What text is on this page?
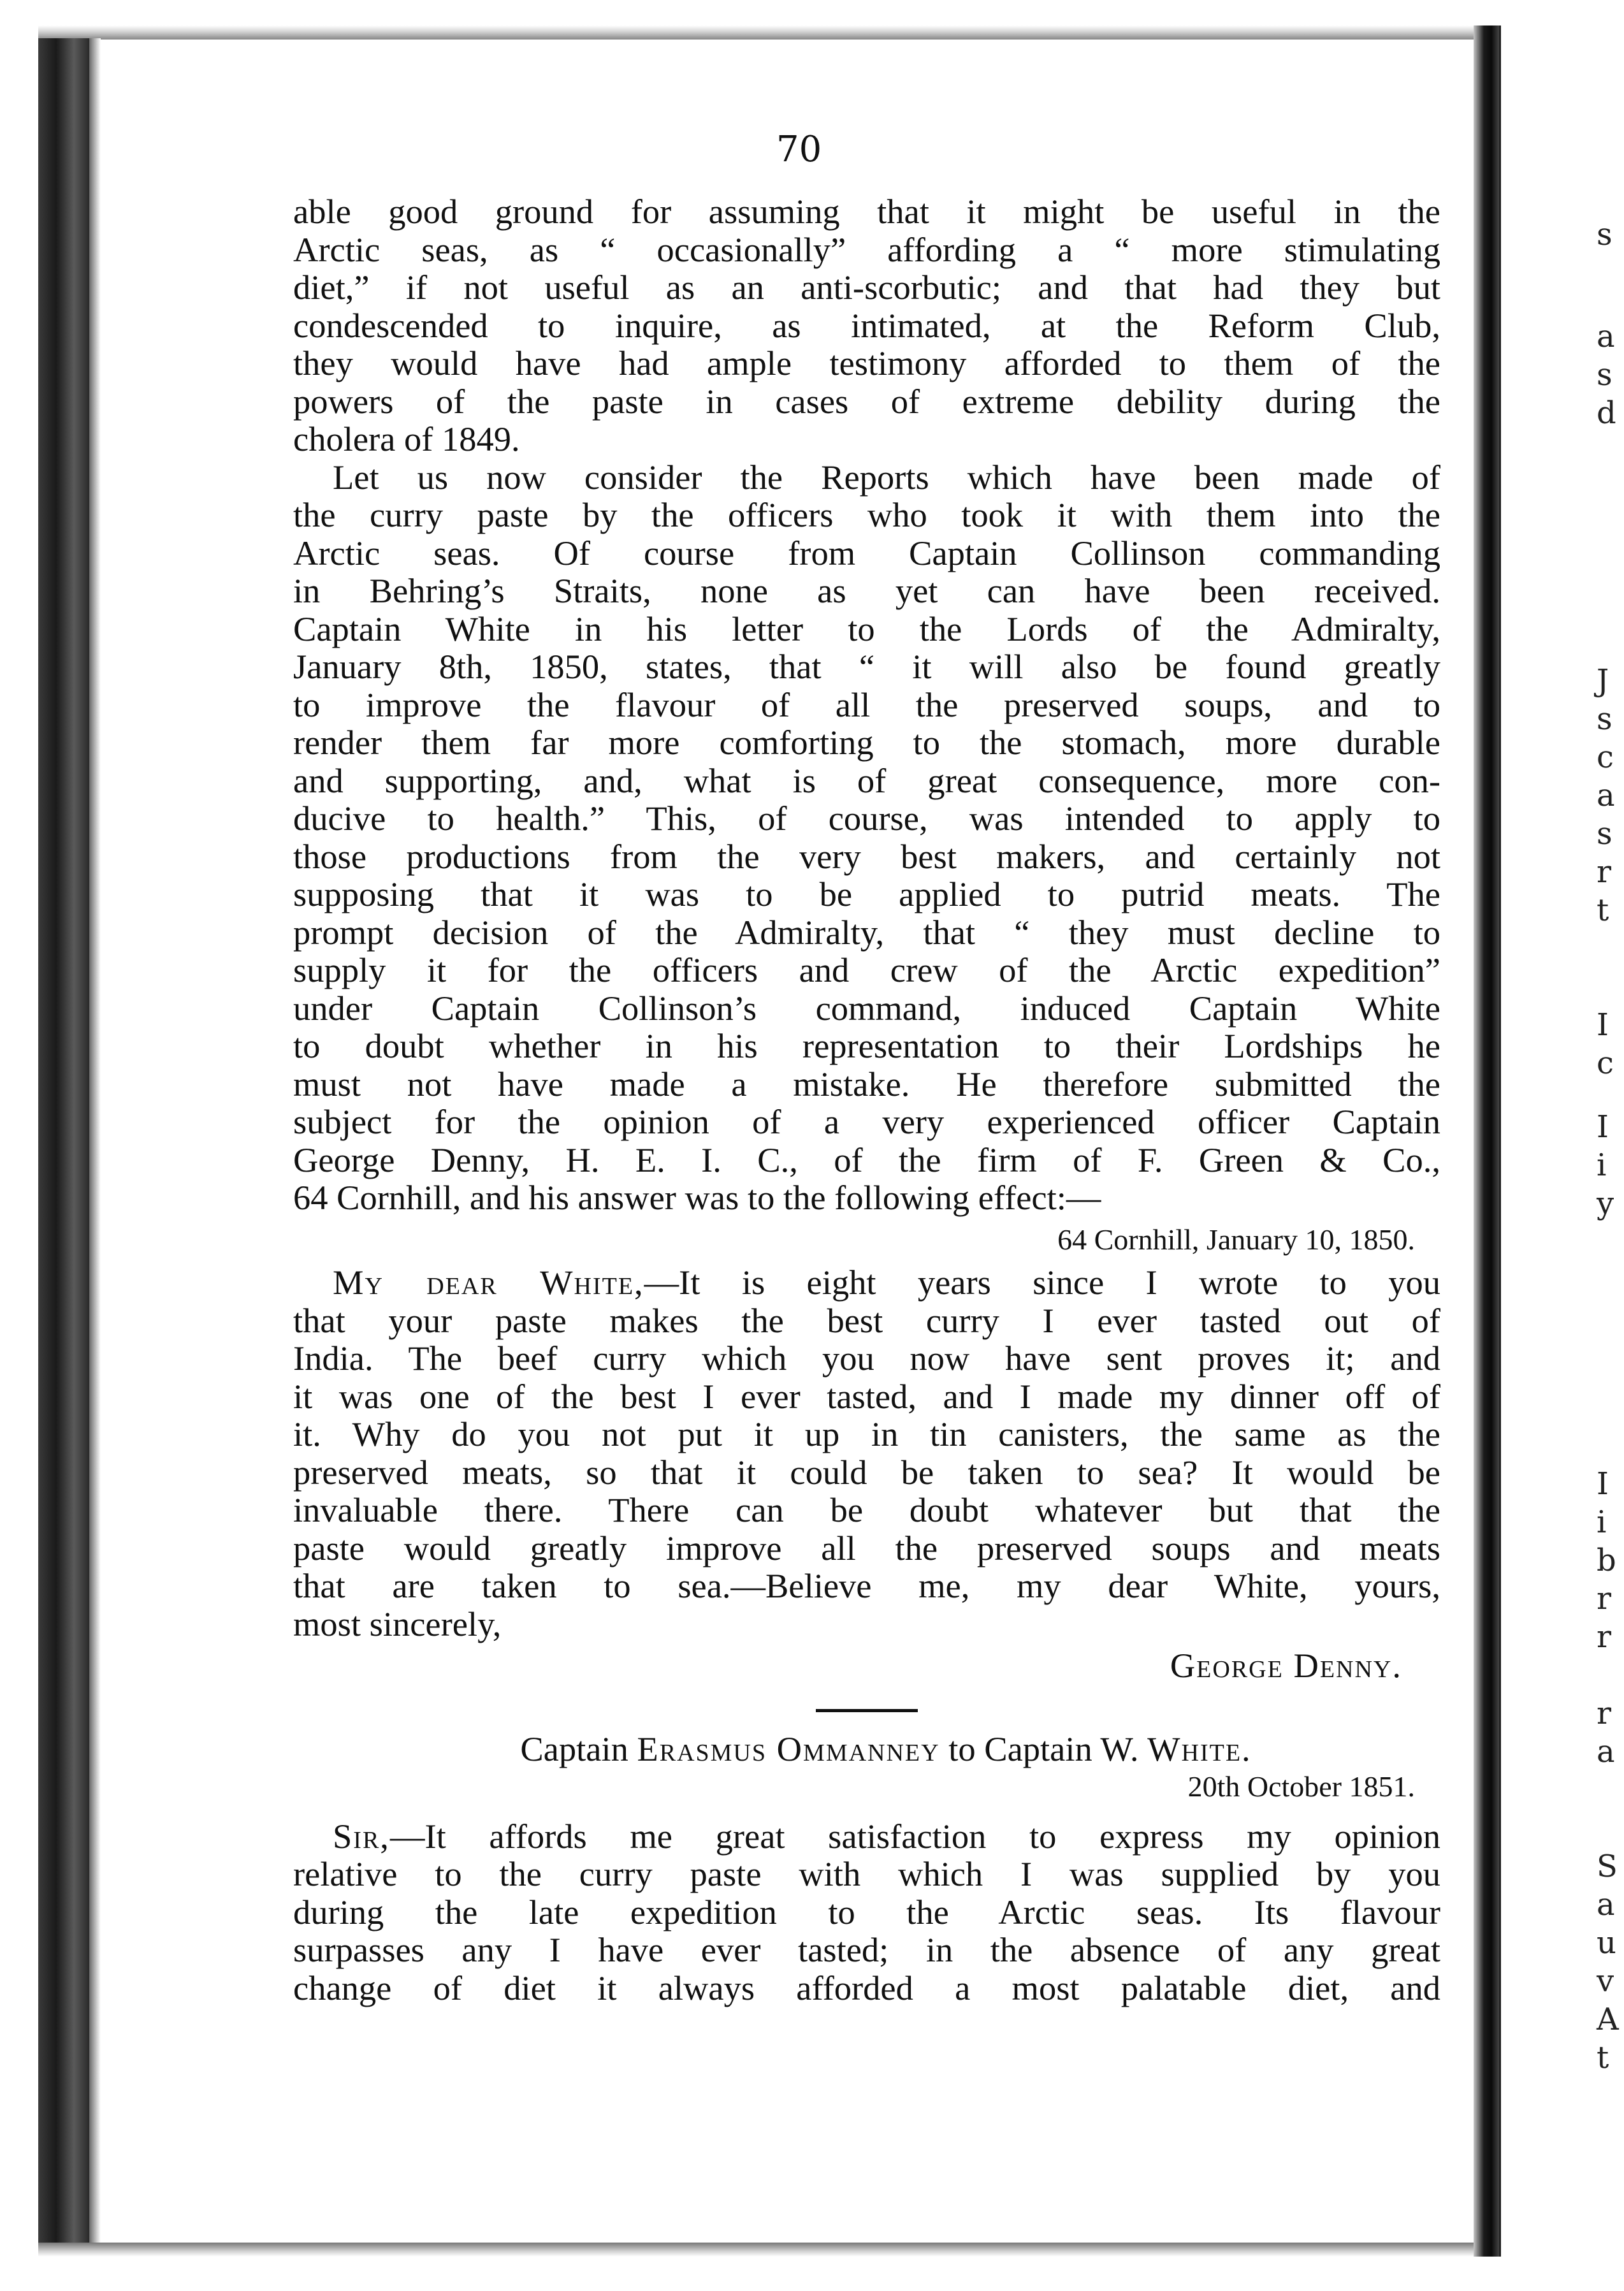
s
a
s
d
J
s
c
a
s
r
t
I
c
I
i
y
I
i
b
r
r
r
a
S
a
u
v
A
t
70
able good ground for assuming that it might be useful in the
Arctic seas, as “ occasionally” affording a “ more stimulating
diet,” if not useful as an anti-scorbutic; and that had they but
condescended to inquire, as intimated, at the Reform Club,
they would have had ample testimony afforded to them of the
powers of the paste in cases of extreme debility during the
cholera of 1849.
Let us now consider the Reports which have been made of
the curry paste by the officers who took it with them into the
Arctic seas. Of course from Captain Collinson commanding
in Behring’s Straits, none as yet can have been received.
Captain White in his letter to the Lords of the Admiralty,
January 8th, 1850, states, that “ it will also be found greatly
to improve the flavour of all the preserved soups, and to
render them far more comforting to the stomach, more durable
and supporting, and, what is of great consequence, more con-
ducive to health.” This, of course, was intended to apply to
those productions from the very best makers, and certainly not
supposing that it was to be applied to putrid meats. The
prompt decision of the Admiralty, that “ they must decline to
supply it for the officers and crew of the Arctic expedition”
under Captain Collinson’s command, induced Captain White
to doubt whether in his representation to their Lordships he
must not have made a mistake. He therefore submitted the
subject for the opinion of a very experienced officer Captain
George Denny, H. E. I. C., of the firm of F. Green & Co.,
64 Cornhill, and his answer was to the following effect:—
64 Cornhill, January 10, 1850.
My dear White,—It is eight years since I wrote to you
that your paste makes the best curry I ever tasted out of
India. The beef curry which you now have sent proves it; and
it was one of the best I ever tasted, and I made my dinner off of
it. Why do you not put it up in tin canisters, the same as the
preserved meats, so that it could be taken to sea? It would be
invaluable there. There can be doubt whatever but that the
paste would greatly improve all the preserved soups and meats
that are taken to sea.—Believe me, my dear White, yours,
most sincerely,
George Denny.
Captain Erasmus Ommanney to Captain W. White.
20th October 1851.
Sir,—It affords me great satisfaction to express my opinion
relative to the curry paste with which I was supplied by you
during the late expedition to the Arctic seas. Its flavour
surpasses any I have ever tasted; in the absence of any great
change of diet it always afforded a most palatable diet, and
